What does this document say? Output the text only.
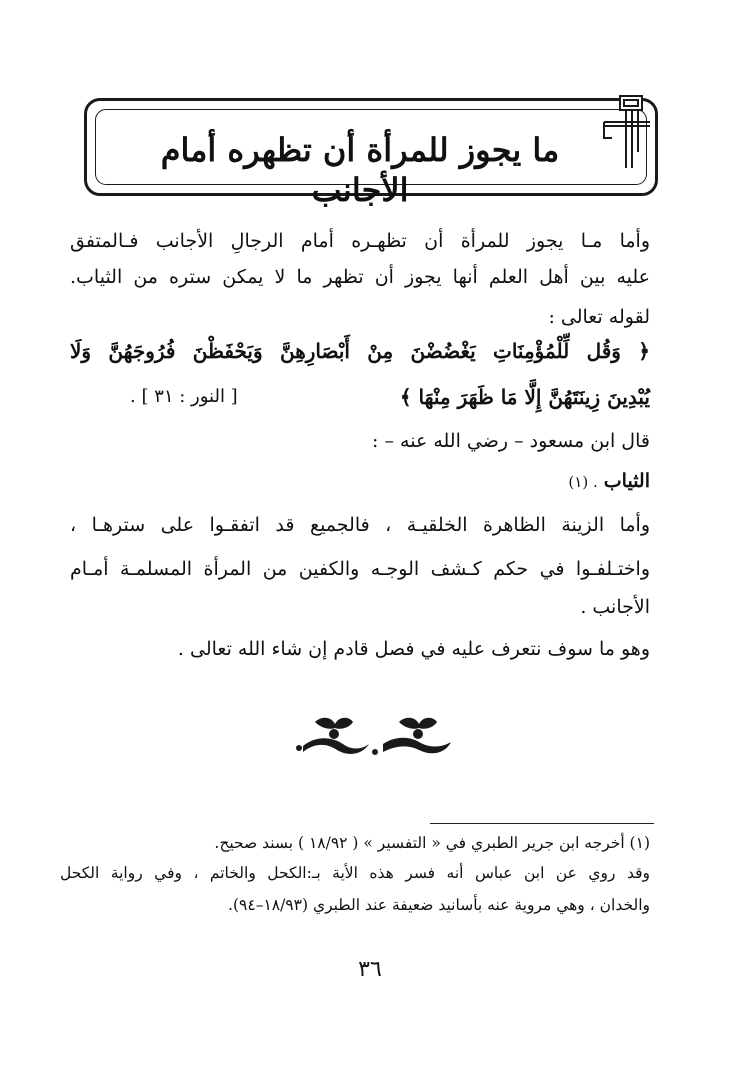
ما يجوز للمرأة أن تظهره أمام الأجانب
وأما مـا يجوز للمرأة أن تظهـره أمام الرجالِ الأجانب فـالمتفق
عليه بين أهل العلم أنها يجوز أن تظهر ما لا يمكن ستره من الثياب.
لقوله تعالى :
﴿ وَقُل لِّلْمُؤْمِنَاتِ يَغْضُضْنَ مِنْ أَبْصَارِهِنَّ وَيَحْفَظْنَ فُرُوجَهُنَّ وَلَا
يُبْدِينَ زِينَتَهُنَّ إِلَّا مَا ظَهَرَ مِنْهَا ﴾
[ النور : ٣١ ] .
قال ابن مسعود – رضي الله عنه – :
الثياب . (١)
وأما الزينة الظاهرة الخلقيـة ، فالجميع قد اتفقـوا على سترهـا ،
واختـلفـوا في حكم كـشف الوجـه والكفين من المرأة المسلمـة أمـام
الأجانب .
وهو ما سوف نتعرف عليه في فصل قادم إن شاء الله تعالى .
(١) أخرجه ابن جرير الطبري في « التفسير » ( ١٨/٩٢ ) بسند صحيح.
وقد روي عن ابن عباس أنه فسر هذه الأية بـ:الكحل والخاتم ، وفي رواية الكحل
والخدان ، وهي مروية عنه بأسانيد ضعيفة عند الطبري (١٨/٩٣–٩٤).
٣٦
